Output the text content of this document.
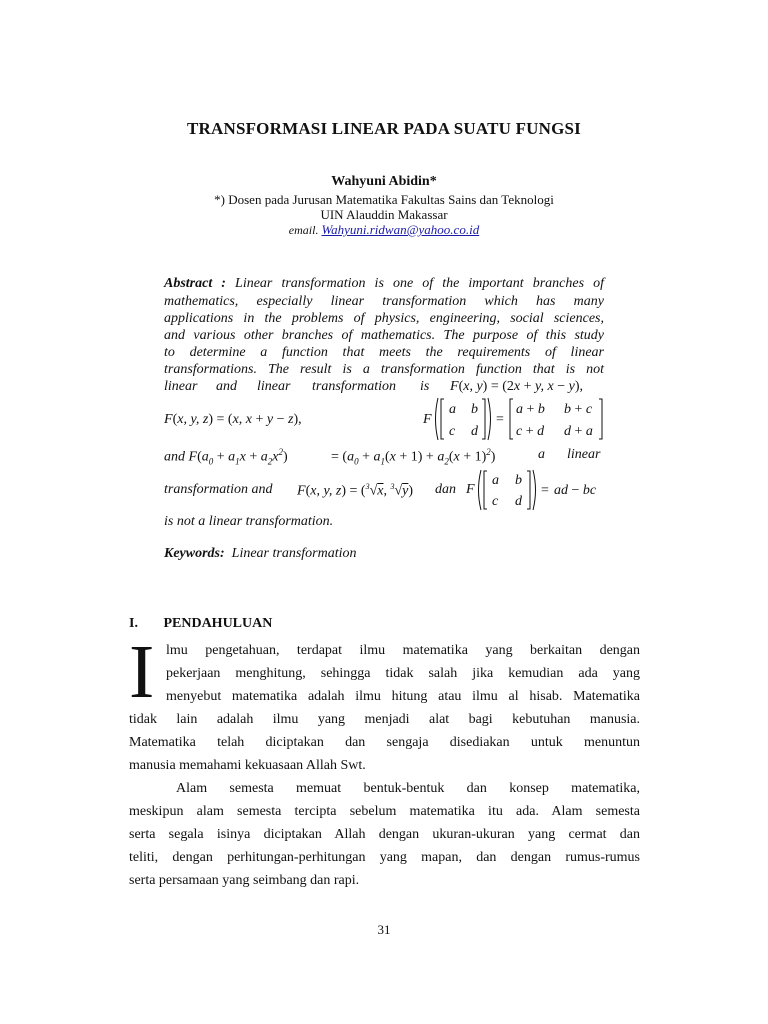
TRANSFORMASI LINEAR PADA SUATU FUNGSI
Wahyuni Abidin*
*) Dosen pada Jurusan Matematika Fakultas Sains dan Teknologi
UIN Alauddin Makassar
email. Wahyuni.ridwan@yahoo.co.id
Abstract : Linear transformation is one of the important branches of
mathematics, especially linear transformation which has many
applications in the problems of physics, engineering, social sciences,
and various other branches of mathematics. The purpose of this study
to determine a function that meets the requirements of linear
transformations. The result is a transformation function that is not
linear and linear transformation is F(x, y) = (2x + y, x − y),
F(x, y, z) = (x, x + y − z),	F
a b
c d
=
a + b b + c
c + d d + a
and $F(a_0 + a_1x + a_2x^2)$	= $(a_0 + a_1(x + 1) + a_2(x + 1)^2)$	a linear
transformation and F(x, y, z) = ($^3$√x, $^3$√y) dan F
a b
c d
= ad − bc
is not a linear transformation.
Keywords: Linear transformation
I. PENDAHULUAN
I lmu pengetahuan, terdapat ilmu matematika yang berkaitan dengan
pekerjaan menghitung, sehingga tidak salah jika kemudian ada yang
menyebut matematika adalah ilmu hitung atau ilmu al hisab. Matematika
tidak lain adalah ilmu yang menjadi alat bagi kebutuhan manusia.
Matematika telah diciptakan dan sengaja disediakan untuk menuntun
manusia memahami kekuasaan Allah Swt.
Alam semesta memuat bentuk-bentuk dan konsep matematika,
meskipun alam semesta tercipta sebelum matematika itu ada. Alam semesta
serta segala isinya diciptakan Allah dengan ukuran-ukuran yang cermat dan
teliti, dengan perhitungan-perhitungan yang mapan, dan dengan rumus-rumus
serta persamaan yang seimbang dan rapi.
31
